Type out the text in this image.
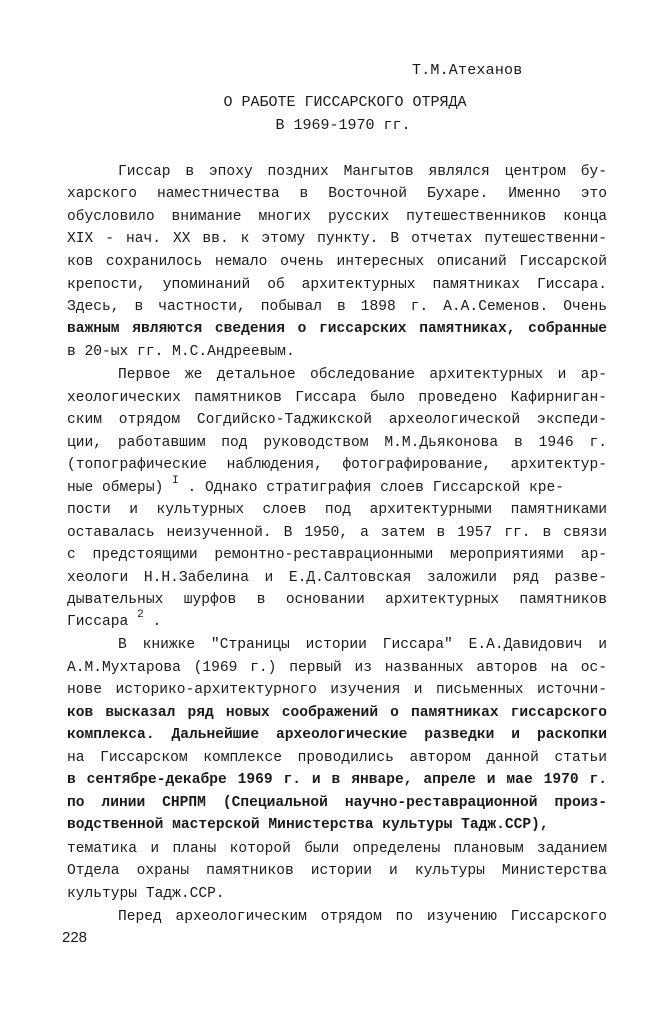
Т.М.Атеханов
О РАБОТЕ ГИССАРСКОГО ОТРЯДА
В 1969-1970 гг.
Гиссар в эпоху поздних Мангытов являлся центром бу-
харского наместничества в Восточной Бухаре. Именно это
обусловило внимание многих русских путешественников конца
XIX - нач. XX вв. к этому пункту. В отчетах путешественни-
ков сохранилось немало очень интересных описаний Гиссарской
крепости, упоминаний об архитектурных памятниках Гиссара.
Здесь, в частности, побывал в 1898 г. А.А.Семенов. Очень
важным являются сведения о гиссарских памятниках, собранные
в 20-ых гг. М.С.Андреевым.
Первое же детальное обследование архитектурных и ар-
хеологических памятников Гиссара было проведено Кафирниган-
ским отрядом Согдийско-Таджикской археологической экспеди-
ции, работавшим под руководством М.М.Дьяконова в 1946 г.
(топографические наблюдения, фотографирование, архитектур-
ные обмеры) $^I$ . Однако стратиграфия слоев Гиссарской кре-
пости и культурных слоев под архитектурными памятниками
оставалась неизученной. В 1950, а затем в 1957 гг. в связи
с предстоящими ремонтно-реставрационными мероприятиями ар-
хеологи Н.Н.Забелина и Е.Д.Салтовская заложили ряд разве-
дывательных шурфов в основании архитектурных памятников
Гиссара $^2$ .
В книжке "Страницы истории Гиссара" Е.А.Давидович и
А.М.Мухтарова (1969 г.) первый из названных авторов на ос-
нове историко-архитектурного изучения и письменных источни-
ков высказал ряд новых соображений о памятниках гиссарского
комплекса. Дальнейшие археологические разведки и раскопки
на Гиссарском комплексе проводились автором данной статьи
в сентябре-декабре 1969 г. и в январе, апреле и мае 1970 г.
по линии СНРПМ (Специальной научно-реставрационной произ-
водственной мастерской Министерства культуры Тадж.ССР),
тематика и планы которой были определены плановым заданием
Отдела охраны памятников истории и культуры Министерства
культуры Тадж.ССР.
Перед археологическим отрядом по изучению Гиссарского
228
